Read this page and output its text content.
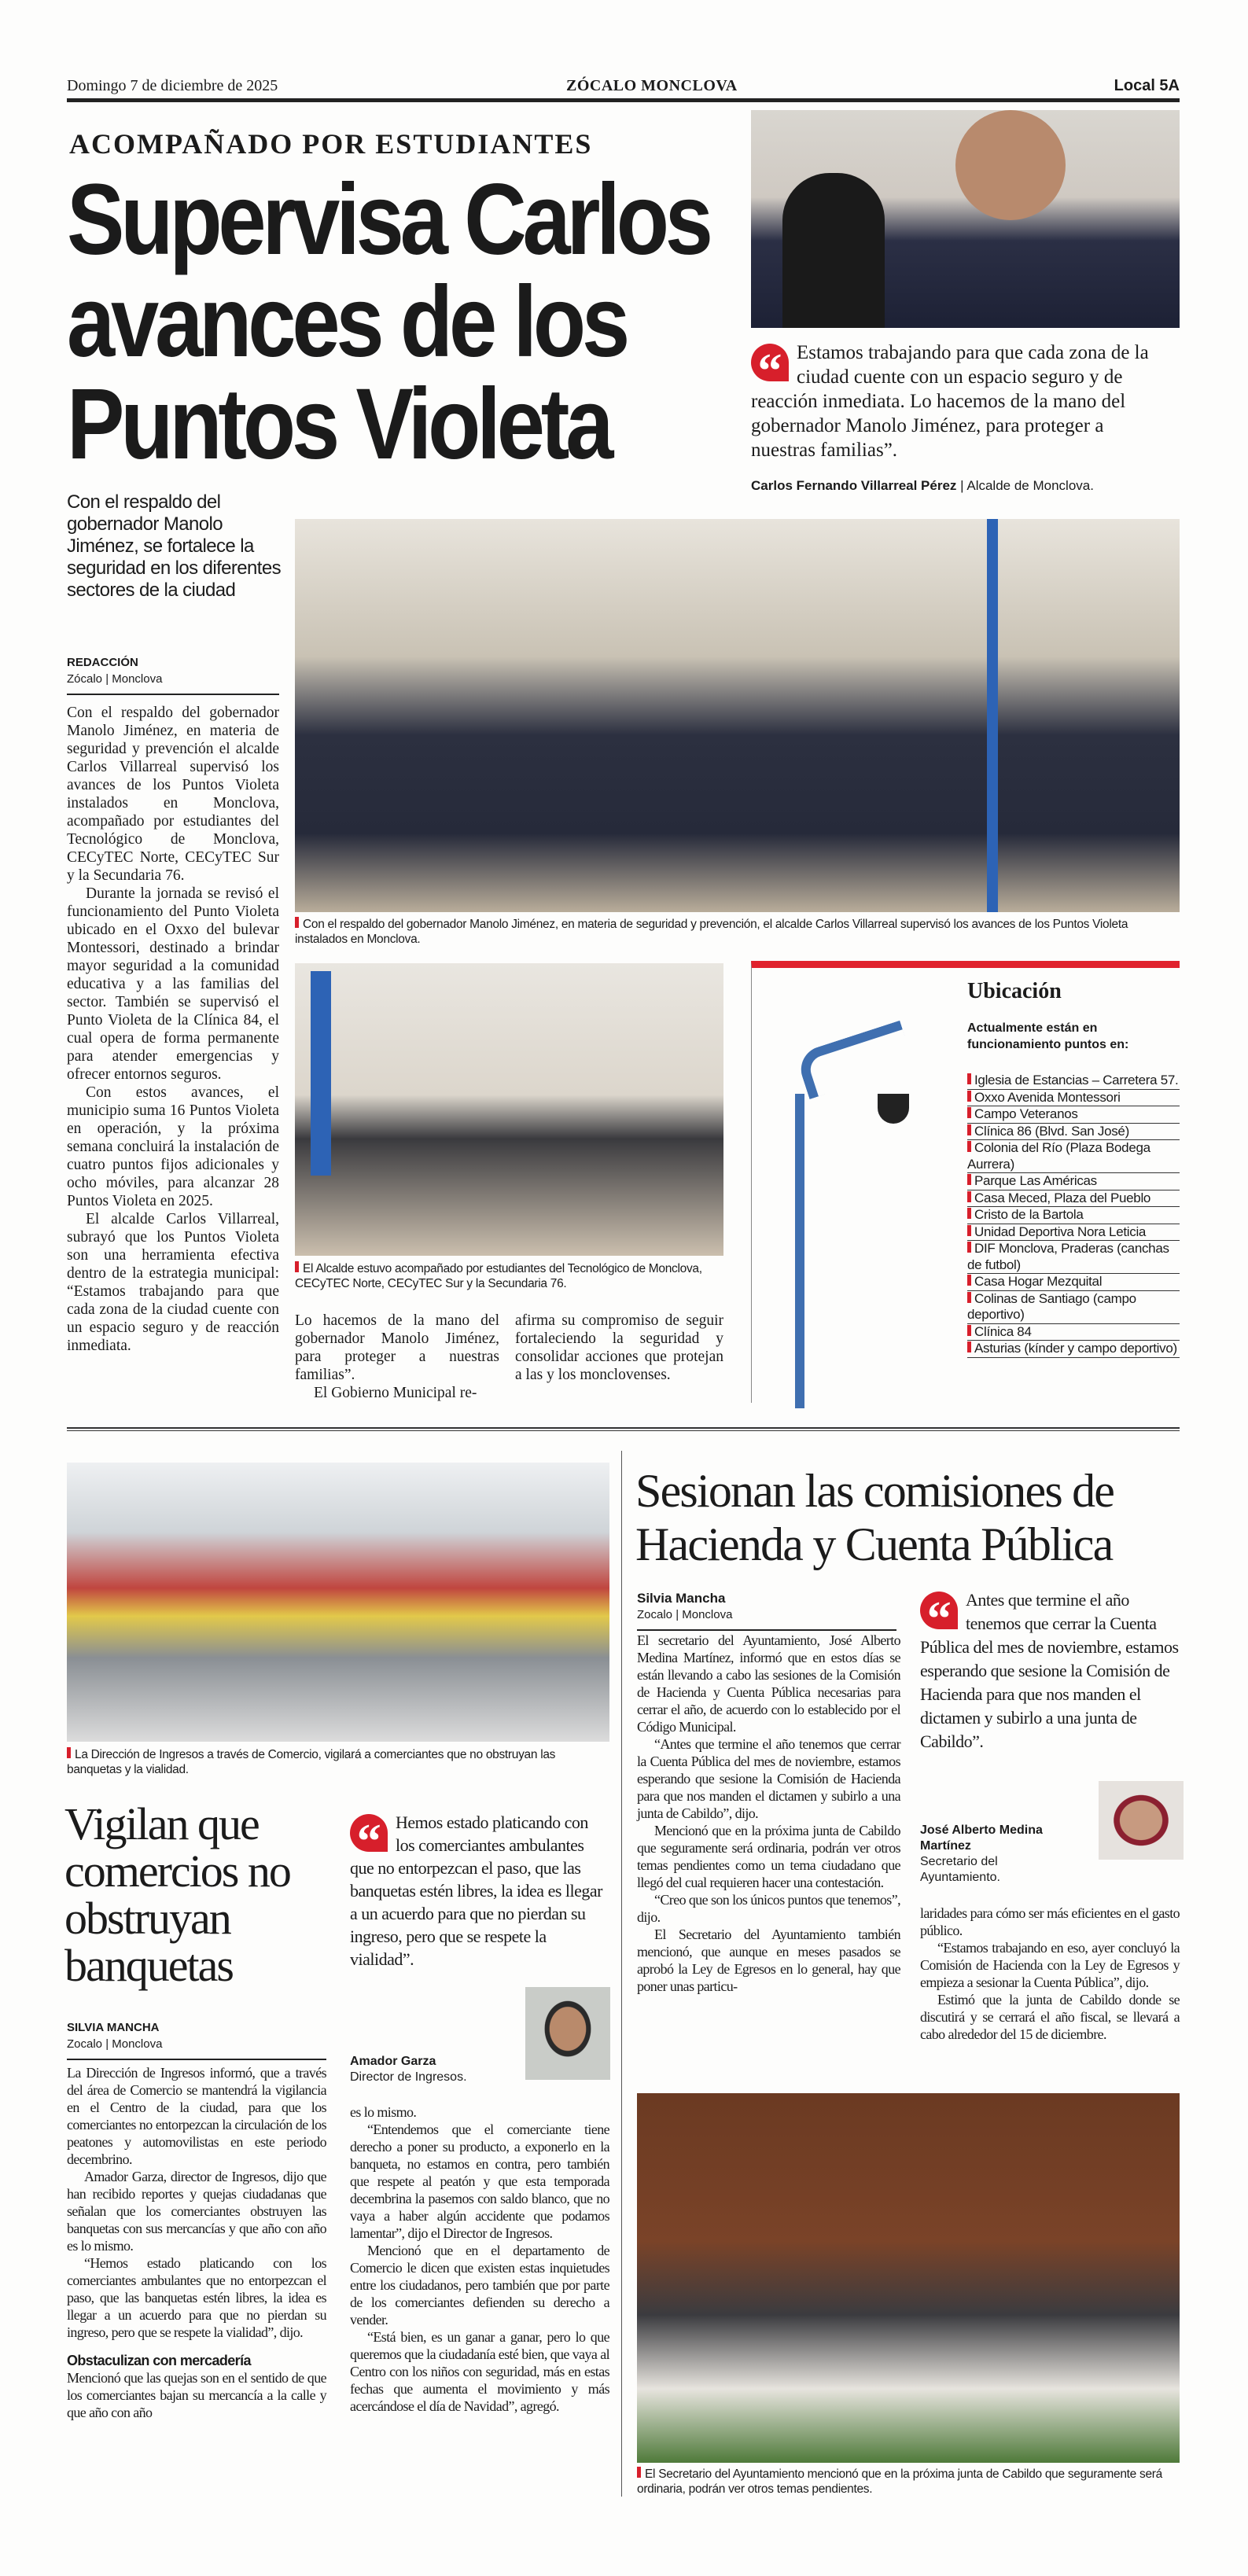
Domingo 7 de diciembre de 2025	ZÓCALO MONCLOVA	Local 5A
ACOMPAÑADO POR ESTUDIANTES
Supervisa Carlos
avances de los
Puntos Violeta	“ Estamos trabajando para que cada zona de la ciudad cuente con un espacio seguro y de reacción inmediata. Lo hacemos de la mano del gobernador Manolo Jiménez, para proteger a nuestras familias”.
Carlos Fernando Villarreal Pérez | Alcalde de Monclova.
Con el respaldo del gobernador Manolo Jiménez, se fortalece la seguridad en los diferentes sectores de la ciudad
REDACCIÓN
Zócalo | Monclova

Con el respaldo del gobernador Manolo Jiménez, en materia de seguridad y prevención el alcalde Carlos Villarreal supervisó los avances de los Puntos Violeta instalados en Monclova, acompañado por estudiantes del Tecnológico de Monclova, CECyTEC Norte, CECyTEC Sur y la Secundaria 76.

Durante la jornada se revisó el funcionamiento del Punto Violeta ubicado en el Oxxo del bulevar Montessori, destinado a brindar mayor seguridad a la comunidad educativa y a las familias del sector. También se supervisó el Punto Violeta de la Clínica 84, el cual opera de forma permanente para atender emergencias y ofrecer entornos seguros.

Con estos avances, el municipio suma 16 Puntos Violeta en operación, y la próxima semana concluirá la instalación de cuatro puntos fijos adicionales y ocho móviles, para alcanzar 28 Puntos Violeta en 2025.

El alcalde Carlos Villarreal, subrayó que los Puntos Violeta son una herramienta efectiva dentro de la estrategia municipal: “Estamos trabajando para que cada zona de la ciudad cuente con un espacio seguro y de reacción inmediata.

Con el respaldo del gobernador Manolo Jiménez, en materia de seguridad y prevención, el alcalde Carlos Villarreal supervisó los avances de los Puntos Violeta instalados en Monclova.
El Alcalde estuvo acompañado por estudiantes del Tecnológico de Monclova, CECyTEC Norte, CECyTEC Sur y la Secundaria 76.

Lo hacemos de la mano del gobernador Manolo Jiménez, para proteger a nuestras familias”.

El Gobierno Municipal re-

afirma su compromiso de seguir fortaleciendo la seguridad y consolidar acciones que protejan a las y los monclovenses.

Ubicación
Actualmente están en funcionamiento puntos en:
Iglesia de Estancias – Carretera 57.
Oxxo Avenida Montessori
Campo Veteranos
Clínica 86 (Blvd. San José)
Colonia del Río (Plaza Bodega Aurrera)
Parque Las Américas
Casa Meced, Plaza del Pueblo
Cristo de la Bartola
Unidad Deportiva Nora Leticia
DIF Monclova, Praderas (canchas de futbol)
Casa Hogar Mezquital
Colinas de Santiago (campo deportivo)
Clínica 84
Asturias (kínder y campo deportivo)
La Dirección de Ingresos a través de Comercio, vigilará a comerciantes que no obstruyan las banquetas y la vialidad.
Vigilan que comercios no obstruyan banquetas
SILVIA MANCHA
Zocalo | Monclova

La Dirección de Ingresos informó, que a través del área de Comercio se mantendrá la vigilancia en el Centro de la ciudad, para que los comerciantes no entorpezcan la circulación de los peatones y automovilistas en este periodo decembrino.

Amador Garza, director de Ingresos, dijo que han recibido reportes y quejas ciudadanas que señalan que los comerciantes obstruyen las banquetas con sus mercancías y que año con año es lo mismo.

“Hemos estado platicando con los comerciantes ambulantes que no entorpezcan el paso, que las banquetas estén libres, la idea es llegar a un acuerdo para que no pierdan su ingreso, pero que se respete la vialidad”, dijo.

Obstaculizan con mercadería

Mencionó que las quejas son en el sentido de que los comerciantes bajan su mercancía a la calle y que año con año

“ Hemos estado platicando con los comerciantes ambulantes que no entorpezcan el paso, que las banquetas estén libres, la idea es llegar a un acuerdo para que no pierdan su ingreso, pero que se respete la vialidad”.
Amador Garza
Director de Ingresos.

es lo mismo.

“Entendemos que el comerciante tiene derecho a poner su producto, a exponerlo en la banqueta, no estamos en contra, pero también que respete al peatón y que esta temporada decembrina la pasemos con saldo blanco, que no vaya a haber algún accidente que podamos lamentar”, dijo el Director de Ingresos.

Mencionó que en el departamento de Comercio le dicen que existen estas inquietudes entre los ciudadanos, pero también que por parte de los comerciantes defienden su derecho a vender.

“Está bien, es un ganar a ganar, pero lo que queremos que la ciudadanía esté bien, que vaya al Centro con los niños con seguridad, más en estas fechas que aumenta el movimiento y más acercándose el día de Navidad”, agregó.

Sesionan las comisiones de
Hacienda y Cuenta Pública
Silvia Mancha
Zocalo | Monclova

El secretario del Ayuntamiento, José Alberto Medina Martínez, informó que en estos días se están llevando a cabo las sesiones de la Comisión de Hacienda y Cuenta Pública necesarias para cerrar el año, de acuerdo con lo establecido por el Código Municipal.

“Antes que termine el año tenemos que cerrar la Cuenta Pública del mes de noviembre, estamos esperando que sesione la Comisión de Hacienda para que nos manden el dictamen y subirlo a una junta de Cabildo”, dijo.

Mencionó que en la próxima junta de Cabildo que seguramente será ordinaria, podrán ver otros temas pendientes como un tema ciudadano que llegó del cual requieren hacer una contestación.

“Creo que son los únicos puntos que tenemos”, dijo.

El Secretario del Ayuntamiento también mencionó, que aunque en meses pasados se aprobó la Ley de Egresos en lo general, hay que poner unas particu-

“ Antes que termine el año tenemos que cerrar la Cuenta Pública del mes de noviembre, estamos esperando que sesione la Comisión de Hacienda para que nos manden el dictamen y subirlo a una junta de Cabildo”.
José Alberto Medina Martínez
Secretario del Ayuntamiento.

laridades para cómo ser más eficientes en el gasto público.

“Estamos trabajando en eso, ayer concluyó la Comisión de Hacienda con la Ley de Egresos y empieza a sesionar la Cuenta Pública”, dijo.

Estimó que la junta de Cabildo donde se discutirá y se cerrará el año fiscal, se llevará a cabo alrededor del 15 de diciembre.

El Secretario del Ayuntamiento mencionó que en la próxima junta de Cabildo que seguramente será ordinaria, podrán ver otros temas pendientes.
